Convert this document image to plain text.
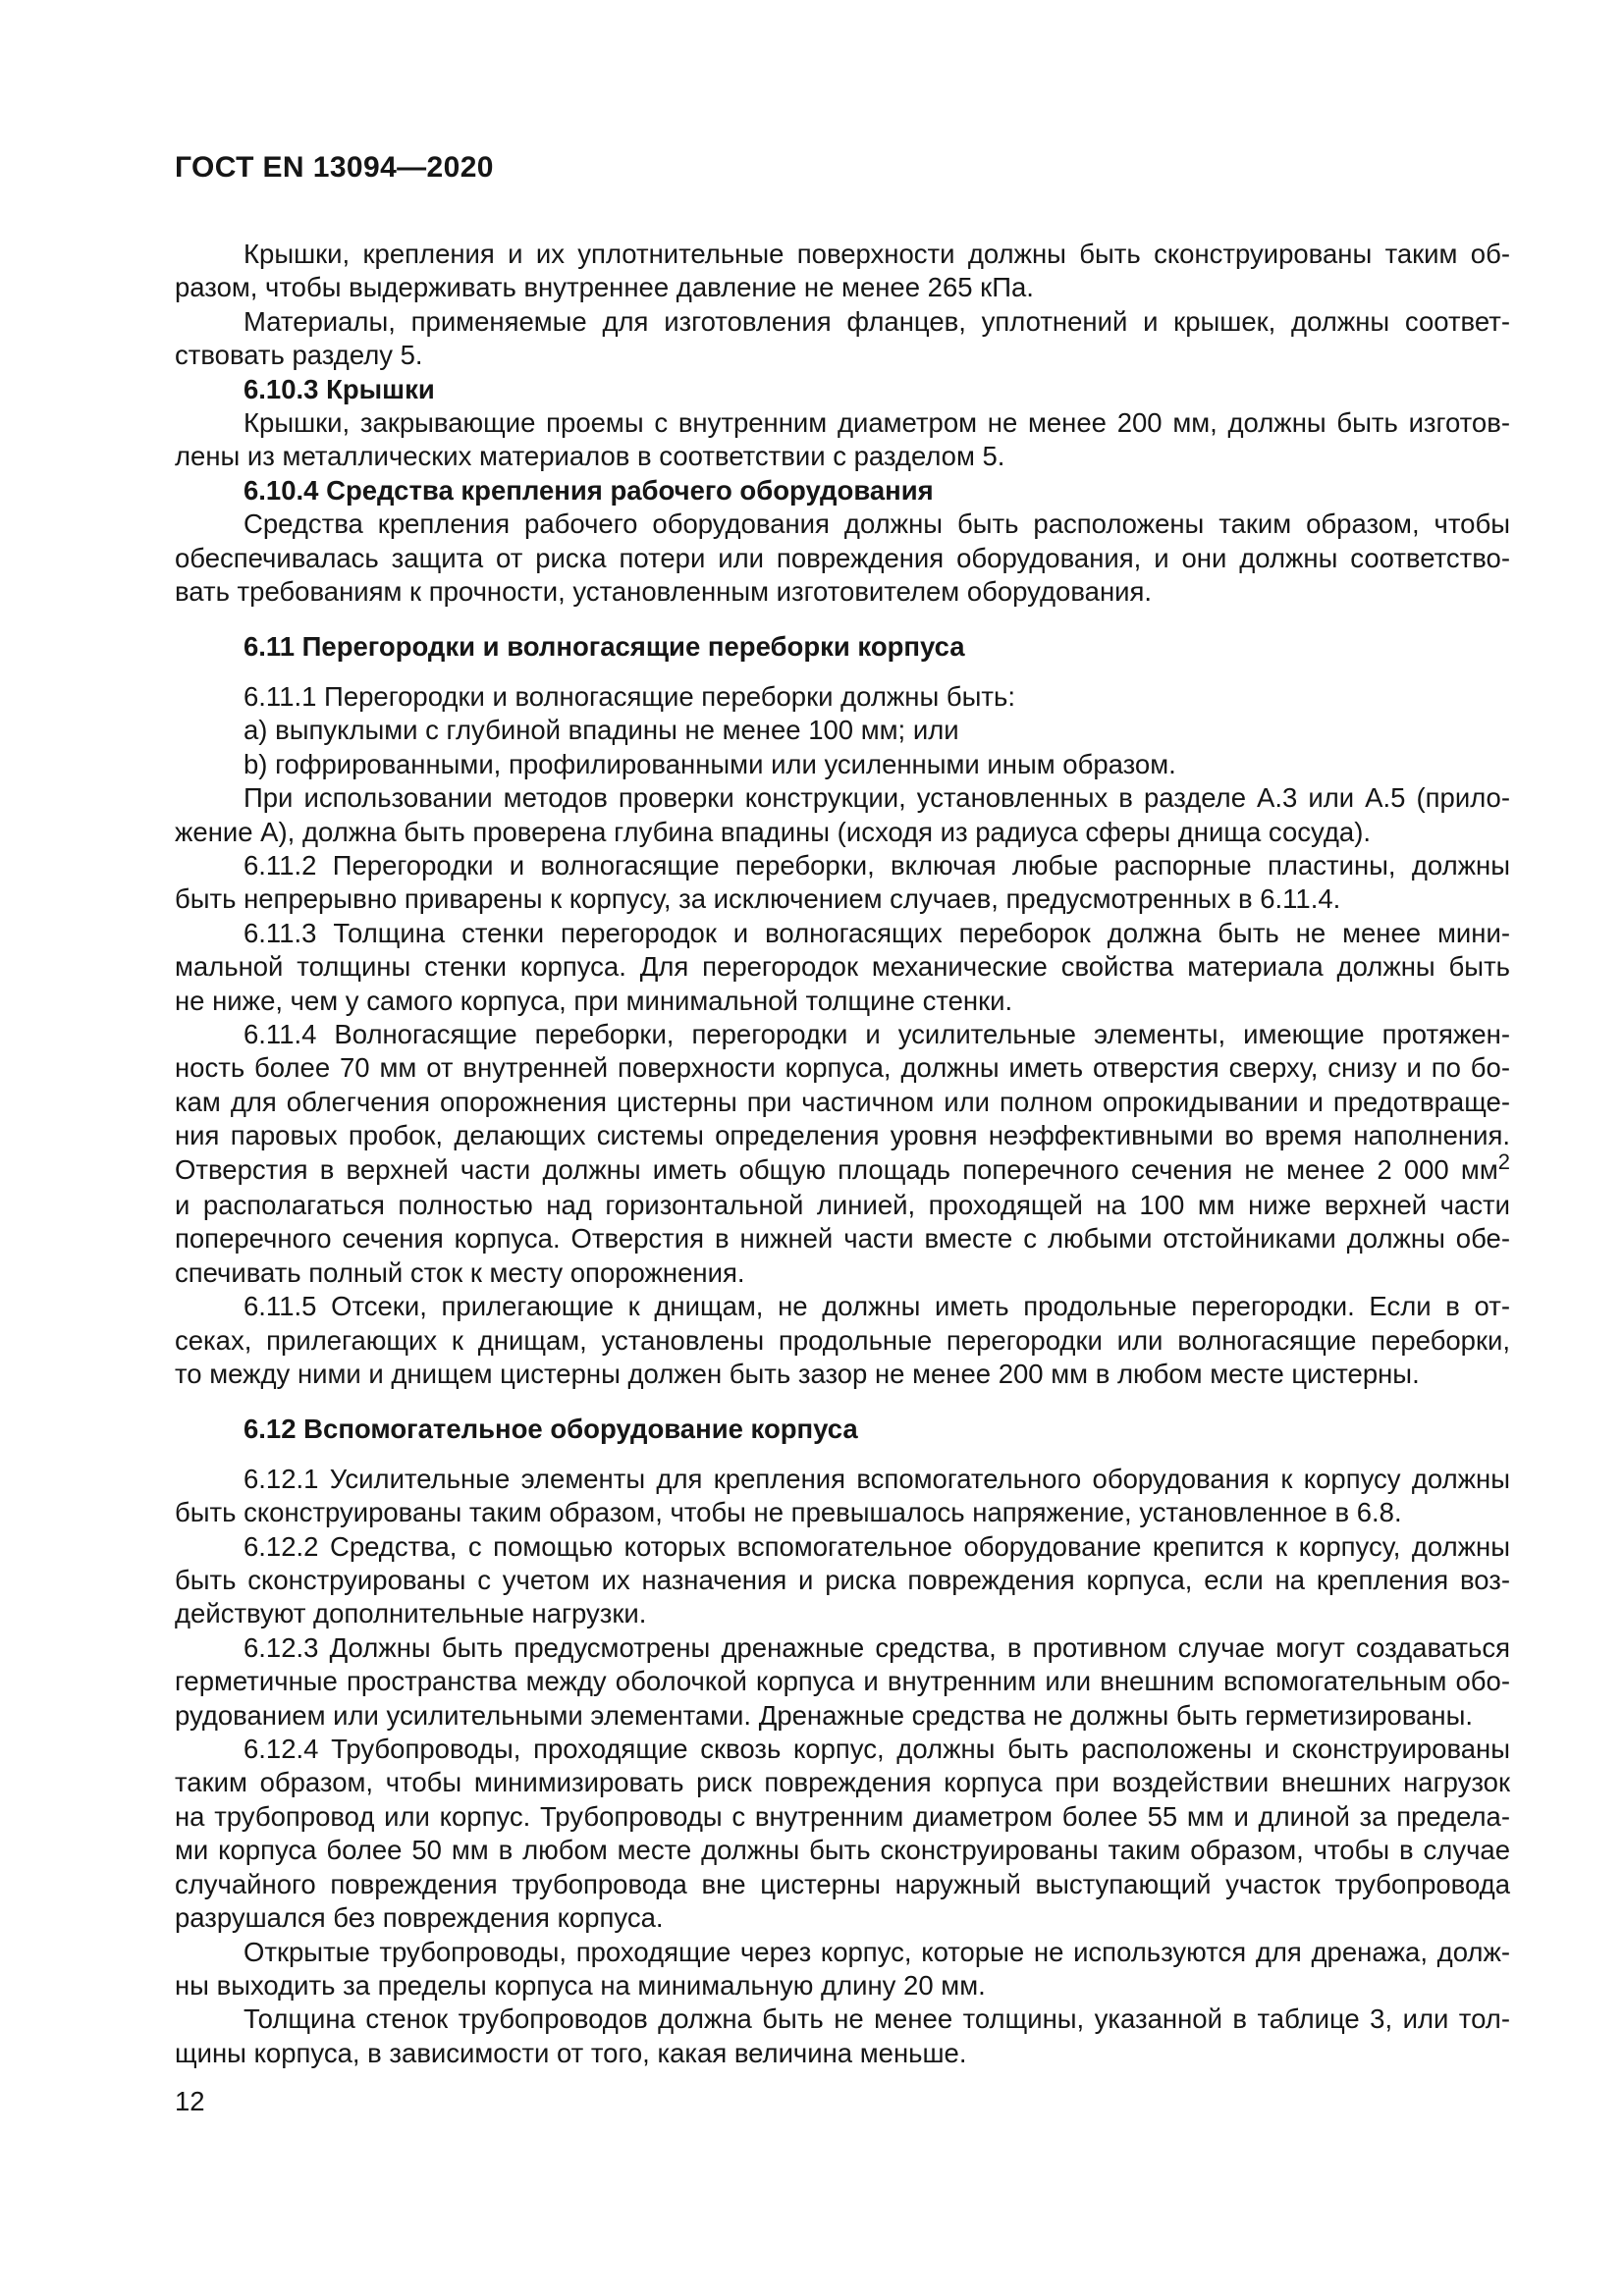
ГОСТ EN 13094—2020
Крышки, крепления и их уплотнительные поверхности должны быть сконструированы таким об-
разом, чтобы выдерживать внутреннее давление не менее 265 кПа.
Материалы, применяемые для изготовления фланцев, уплотнений и крышек, должны соответ-
ствовать разделу 5.
6.10.3 Крышки
Крышки, закрывающие проемы с внутренним диаметром не менее 200 мм, должны быть изготов-
лены из металлических материалов в соответствии с разделом 5.
6.10.4 Средства крепления рабочего оборудования
Средства крепления рабочего оборудования должны быть расположены таким образом, чтобы
обеспечивалась защита от риска потери или повреждения оборудования, и они должны соответство-
вать требованиям к прочности, установленным изготовителем оборудования.
6.11 Перегородки и волногасящие переборки корпуса
6.11.1 Перегородки и волногасящие переборки должны быть:
a) выпуклыми с глубиной впадины не менее 100 мм; или
b) гофрированными, профилированными или усиленными иным образом.
При использовании методов проверки конструкции, установленных в разделе А.3 или А.5 (прило-
жение А), должна быть проверена глубина впадины (исходя из радиуса сферы днища сосуда).
6.11.2 Перегородки и волногасящие переборки, включая любые распорные пластины, должны
быть непрерывно приварены к корпусу, за исключением случаев, предусмотренных в 6.11.4.
6.11.3 Толщина стенки перегородок и волногасящих переборок должна быть не менее мини-
мальной толщины стенки корпуса. Для перегородок механические свойства материала должны быть
не ниже, чем у самого корпуса, при минимальной толщине стенки.
6.11.4 Волногасящие переборки, перегородки и усилительные элементы, имеющие протяжен-
ность более 70 мм от внутренней поверхности корпуса, должны иметь отверстия сверху, снизу и по бо-
кам для облегчения опорожнения цистерны при частичном или полном опрокидывании и предотвраще-
ния паровых пробок, делающих системы определения уровня неэффективными во время наполнения.
Отверстия в верхней части должны иметь общую площадь поперечного сечения не менее 2 000 $мм^2$
и располагаться полностью над горизонтальной линией, проходящей на 100 мм ниже верхней части
поперечного сечения корпуса. Отверстия в нижней части вместе с любыми отстойниками должны обе-
спечивать полный сток к месту опорожнения.
6.11.5 Отсеки, прилегающие к днищам, не должны иметь продольные перегородки. Если в от-
секах, прилегающих к днищам, установлены продольные перегородки или волногасящие переборки,
то между ними и днищем цистерны должен быть зазор не менее 200 мм в любом месте цистерны.
6.12 Вспомогательное оборудование корпуса
6.12.1 Усилительные элементы для крепления вспомогательного оборудования к корпусу должны
быть сконструированы таким образом, чтобы не превышалось напряжение, установленное в 6.8.
6.12.2 Средства, с помощью которых вспомогательное оборудование крепится к корпусу, должны
быть сконструированы с учетом их назначения и риска повреждения корпуса, если на крепления воз-
действуют дополнительные нагрузки.
6.12.3 Должны быть предусмотрены дренажные средства, в противном случае могут создаваться
герметичные пространства между оболочкой корпуса и внутренним или внешним вспомогательным обо-
рудованием или усилительными элементами. Дренажные средства не должны быть герметизированы.
6.12.4 Трубопроводы, проходящие сквозь корпус, должны быть расположены и сконструированы
таким образом, чтобы минимизировать риск повреждения корпуса при воздействии внешних нагрузок
на трубопровод или корпус. Трубопроводы с внутренним диаметром более 55 мм и длиной за предела-
ми корпуса более 50 мм в любом месте должны быть сконструированы таким образом, чтобы в случае
случайного повреждения трубопровода вне цистерны наружный выступающий участок трубопровода
разрушался без повреждения корпуса.
Открытые трубопроводы, проходящие через корпус, которые не используются для дренажа, долж-
ны выходить за пределы корпуса на минимальную длину 20 мм.
Толщина стенок трубопроводов должна быть не менее толщины, указанной в таблице 3, или тол-
щины корпуса, в зависимости от того, какая величина меньше.
12
